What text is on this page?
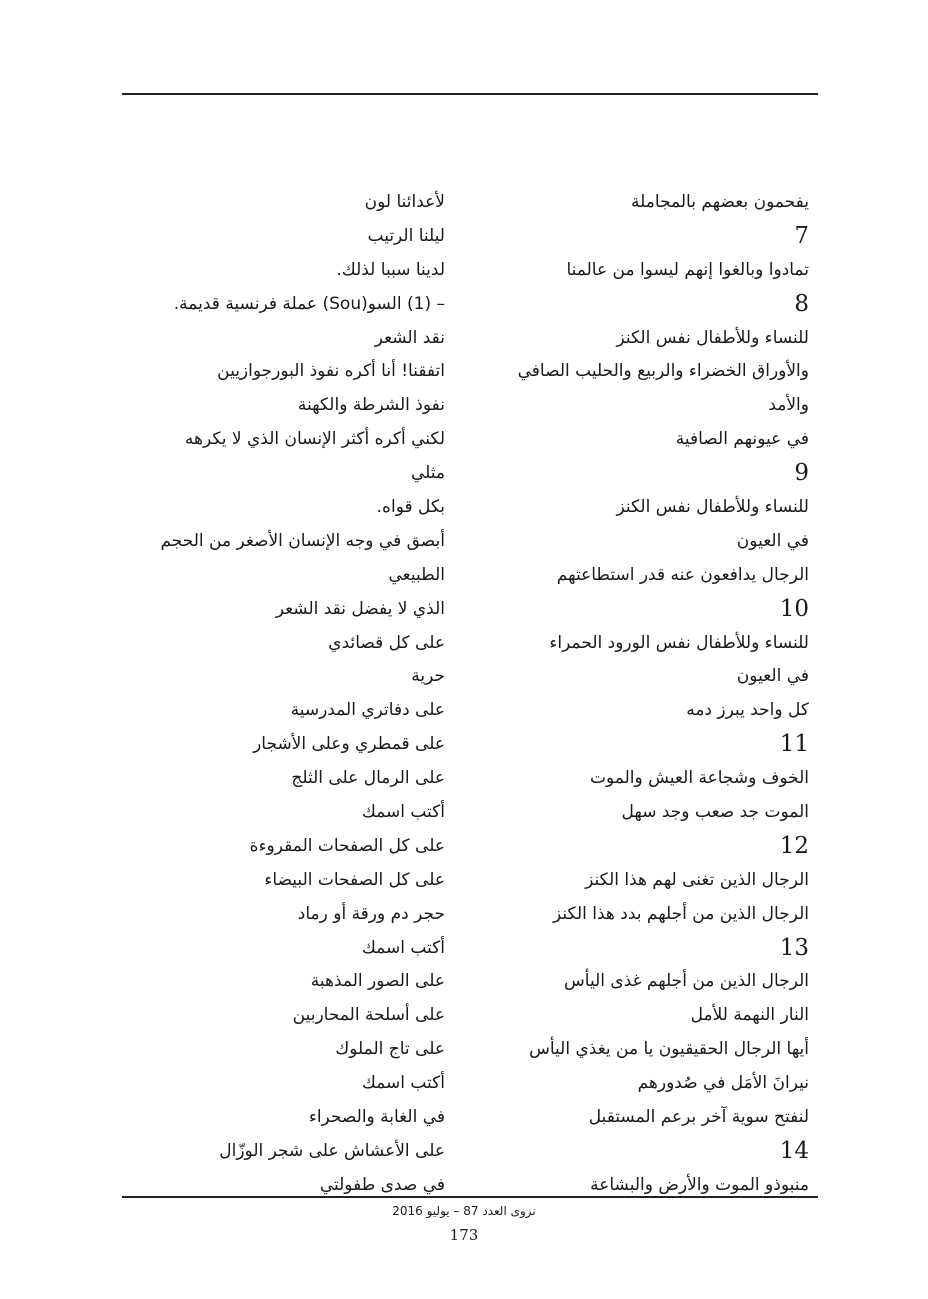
يفحمون بعضهم بالمجاملة
7
تمادوا وبالغوا إنهم ليسوا من عالمنا
8
للنساء وللأطفال نفس الكنز
والأوراق الخضراء والربيع والحليب الصافي
والأمد
في عيونهم الصافية
9
للنساء وللأطفال نفس الكنز
في العيون
الرجال يدافعون عنه قدر استطاعتهم
10
للنساء وللأطفال نفس الورود الحمراء
في العيون
كل واحد يبرز دمه
11
الخوف وشجاعة العيش والموت
الموت جد صعب وجد سهل
12
الرجال الذين تغنى لهم هذا الكنز
الرجال الذين من أجلهم بدد هذا الكنز
13
الرجال الذين من أجلهم غذى اليأس
النار النهمة للأمل
أيها الرجال الحقيقيون يا من يغذي اليأس
نيرانَ الأمَل في صُدورهم
لنفتح سوية آخر برعم المستقبل
14
منبوذو الموت والأرض والبشاعة
لأعدائنا لون
ليلنا الرتيب
لدينا سببا لذلك.
– (1) السو(Sou) عملة فرنسية قديمة.
نقد الشعر
اتفقنا! أنا أكره نفوذ البورجوازيين
نفوذ الشرطة والكهنة
لكني أكره أكثر الإنسان الذي لا يكرهه
مثلي
بكل قواه.
أبصق في وجه الإنسان الأصغر من الحجم
الطبيعي
الذي لا يفضل نقد الشعر
على كل قصائدي
حرية
على دفاتري المدرسية
على قمطري وعلى الأشجار
على الرمال على الثلج
أكتب اسمك
على كل الصفحات المقروءة
على كل الصفحات البيضاء
حجر دم ورقة أو رماد
أكتب اسمك
على الصور المذهبة
على أسلحة المحاربين
على تاج الملوك
أكتب اسمك
في الغابة والصحراء
على الأعشاش على شجر الوزّال
في صدى طفولتي
نزوى العدد 87 – يوليو 2016
173
